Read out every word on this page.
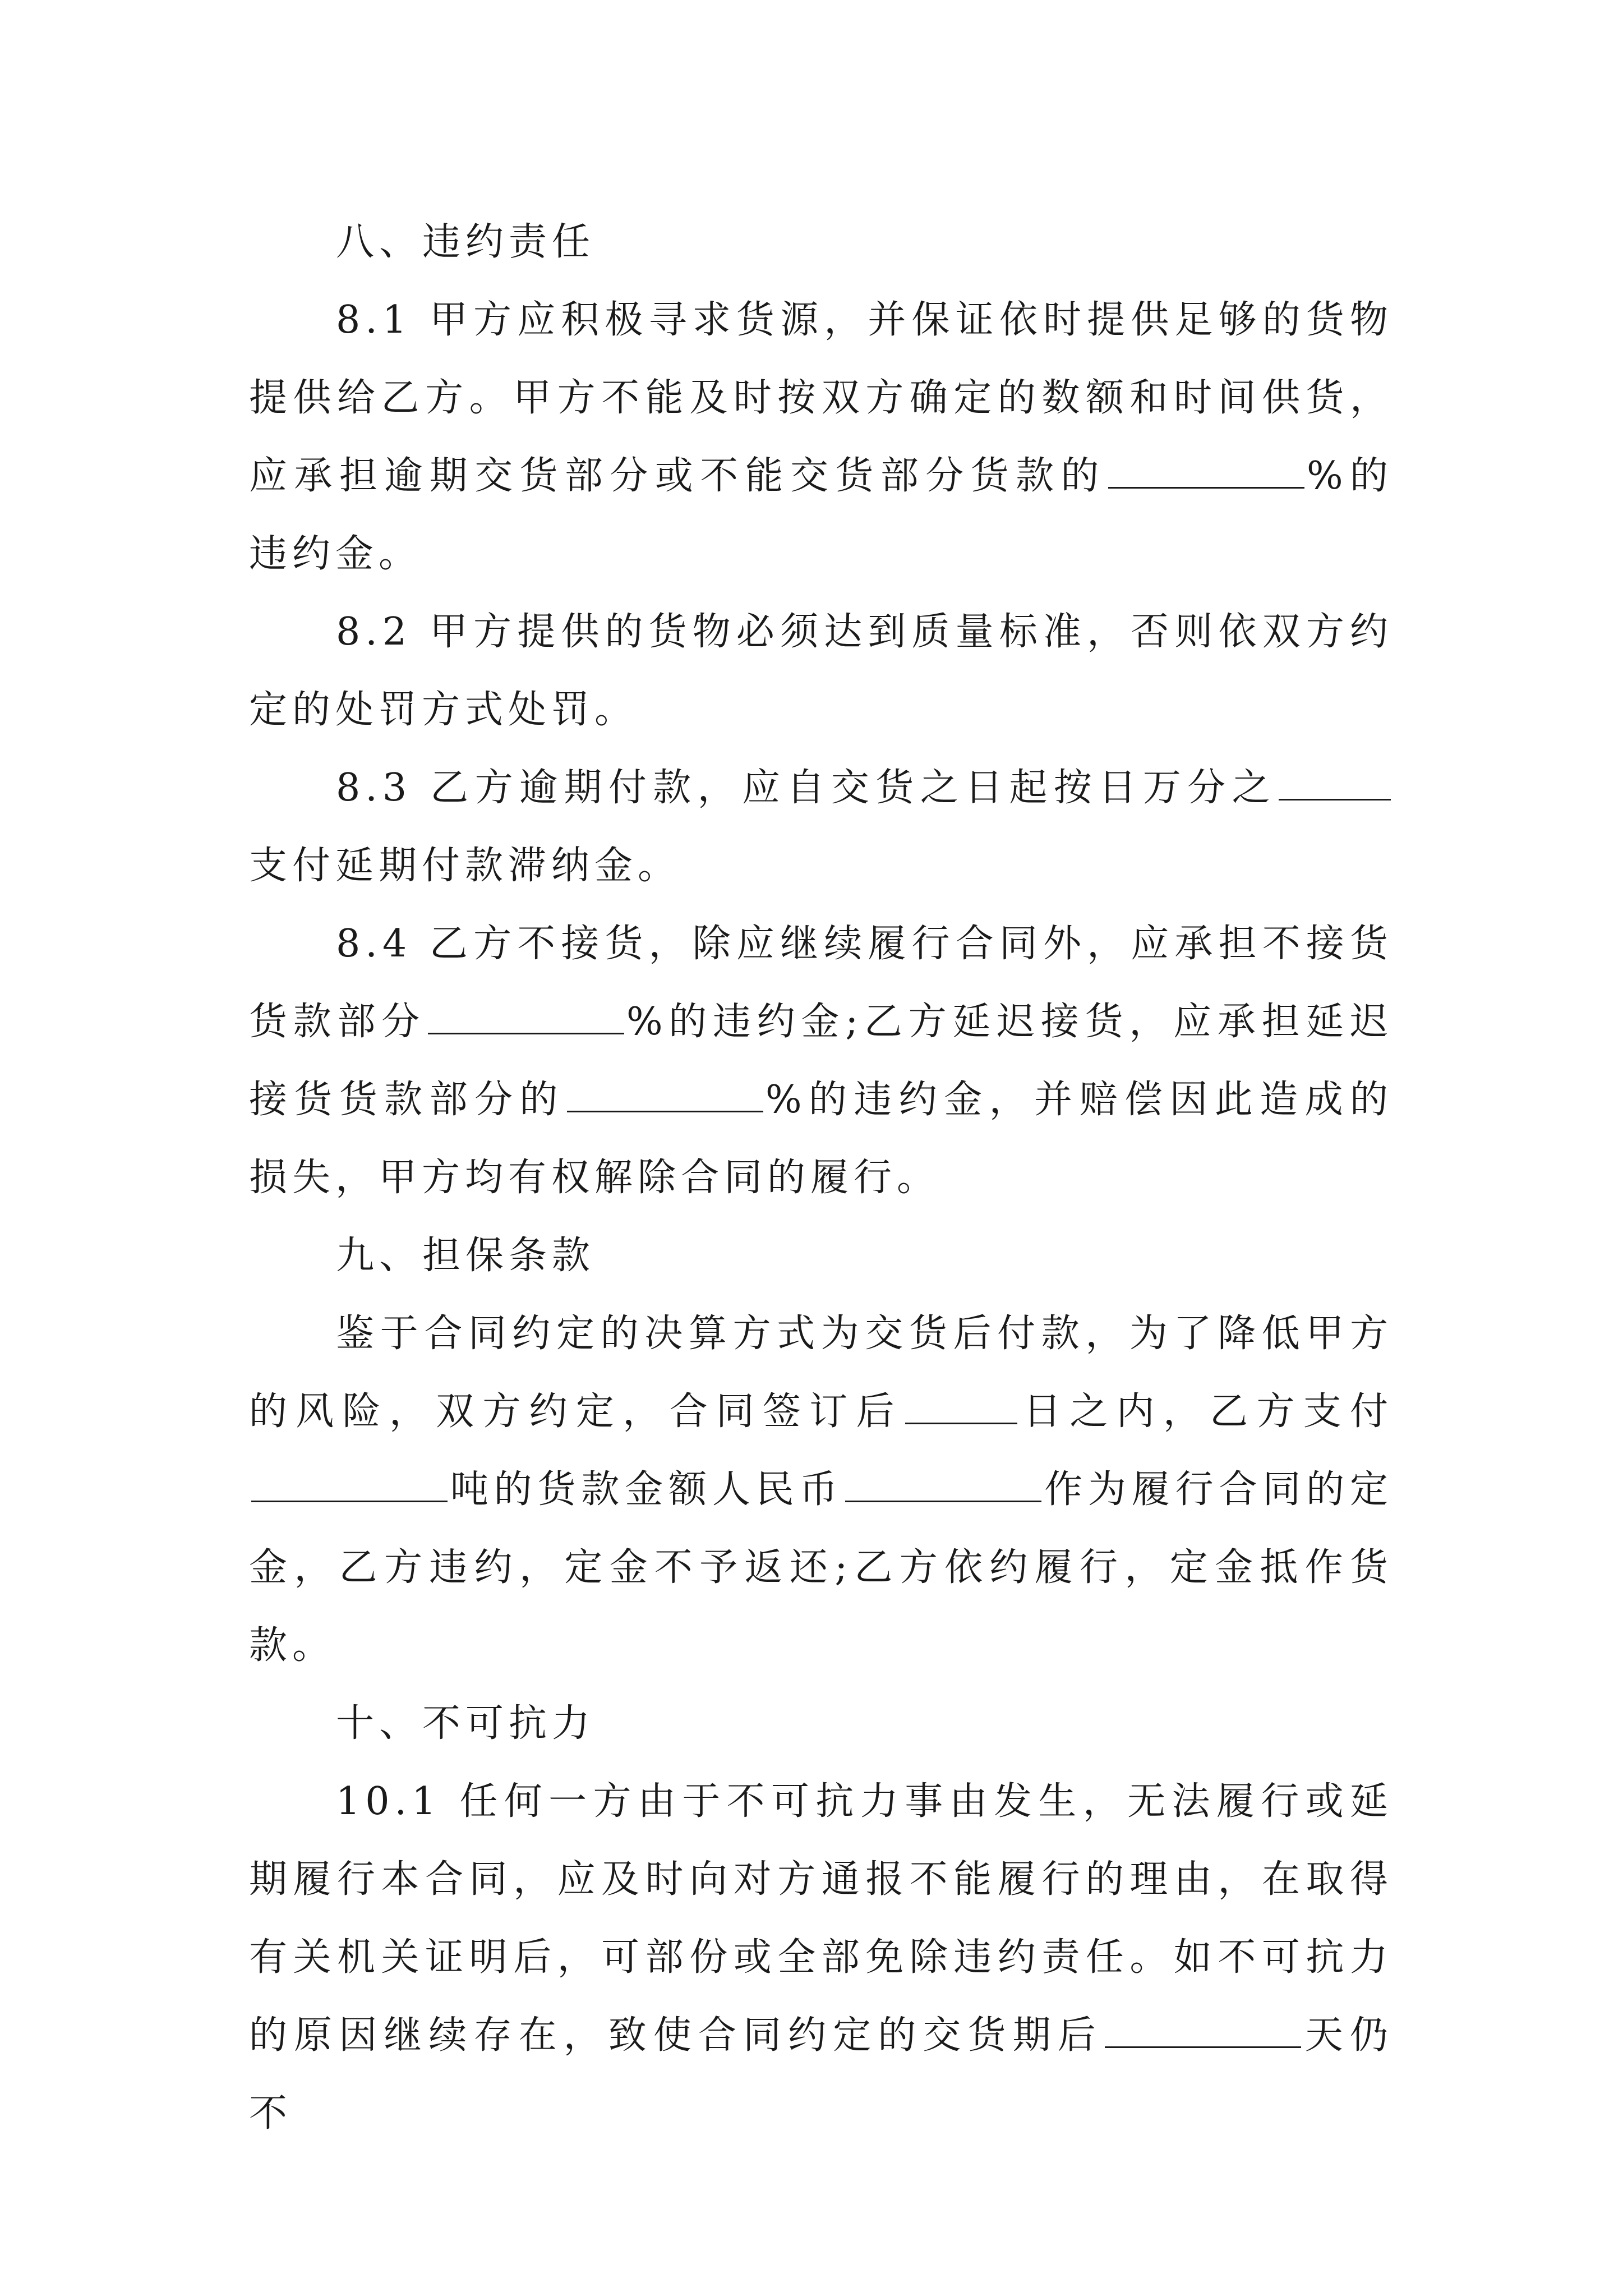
八、违约责任

8.1 甲方应积极寻求货源，并保证依时提供足够的货物提供给乙方。甲方不能及时按双方确定的数额和时间供货，应承担逾期交货部分或不能交货部分货款的	%的违约金。

8.2 甲方提供的货物必须达到质量标准，否则依双方约定的处罚方式处罚。

8.3 乙方逾期付款，应自交货之日起按日万分之支付延期付款滞纳金。

8.4 乙方不接货，除应继续履行合同外，应承担不接货货款部分	%的违约金;乙方延迟接货，应承担延迟接货货款部分的	%的违约金，并赔偿因此造成的损失，甲方均有权解除合同的履行。

九、担保条款

鉴于合同约定的决算方式为交货后付款，为了降低甲方的风险，双方约定，合同签订后	日之内，乙方支付吨的货款金额人民币	作为履行合同的定金，乙方违约，定金不予返还;乙方依约履行，定金抵作货款。

十、不可抗力

10.1 任何一方由于不可抗力事由发生，无法履行或延期履行本合同，应及时向对方通报不能履行的理由，在取得有关机关证明后，可部份或全部免除违约责任。如不可抗力的原因继续存在，致使合同约定的交货期后	天仍不
